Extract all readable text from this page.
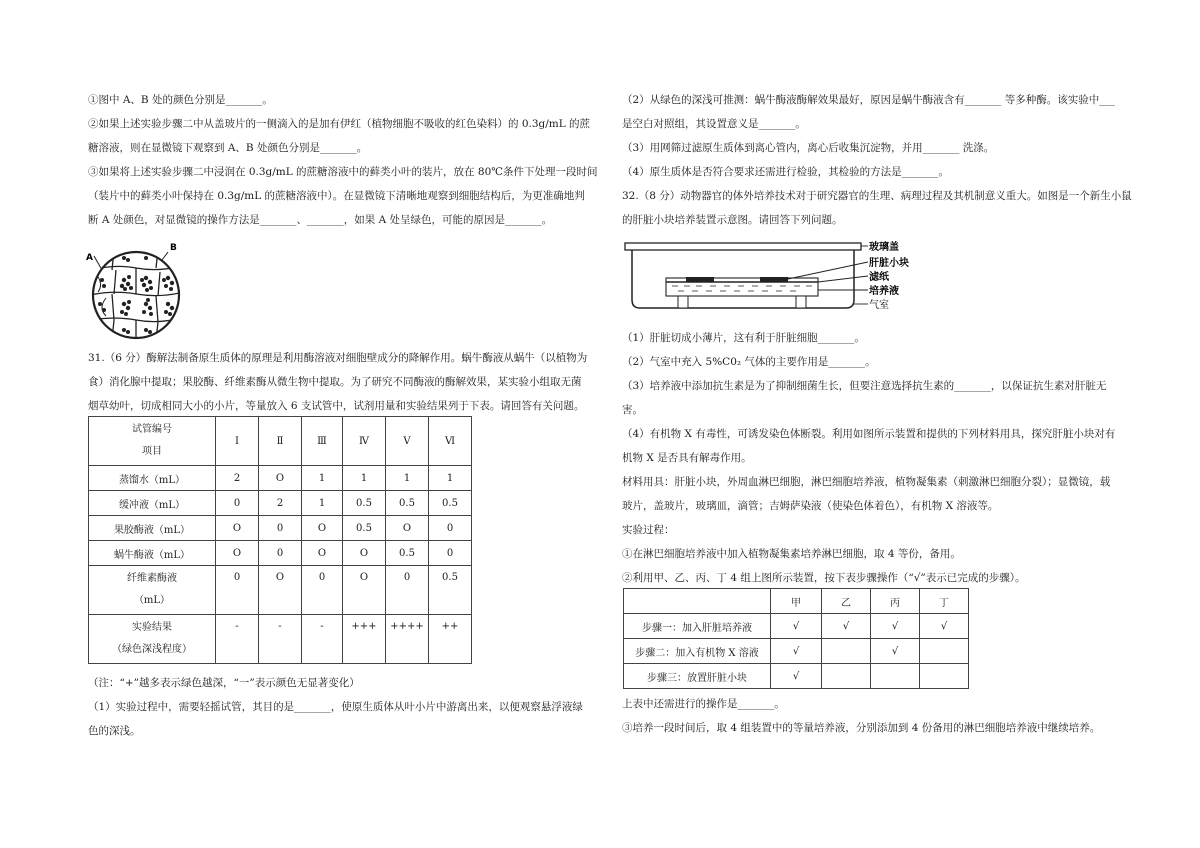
①图中 A、B 处的颜色分别是_______。

②如果上述实验步骤二中从盖玻片的一侧滴入的是加有伊红（植物细胞不吸收的红色染料）的 0.3g/mL 的蔗

糖溶液，则在显微镜下观察到 A、B 处颜色分别是_______。

③如果将上述实验步骤二中浸润在 0.3g/mL 的蔗糖溶液中的藓类小叶的装片，放在 80℃条件下处理一段时间

（装片中的藓类小叶保持在 0.3g/mL 的蔗糖溶液中）。在显微镜下清晰地观察到细胞结构后，为更准确地判

断 A 处颜色，对显微镜的操作方法是_______、_______，如果 A 处呈绿色，可能的原因是_______。

B
A

31.（6 分）酶解法制备原生质体的原理是利用酶溶液对细胞壁成分的降解作用。蜗牛酶液从蜗牛（以植物为

食）消化腺中提取；果胶酶、纤维素酶从微生物中提取。为了研究不同酶液的酶解效果，某实验小组取无菌

烟草幼叶，切成相同大小的小片，等量放入 6 支试管中，试剂用量和实验结果列于下表。请回答有关问题。

试管编号
项目	Ⅰ	Ⅱ	Ⅲ	Ⅳ	Ⅴ	Ⅵ
蒸馏水（mL）	2	O	1	1	1	1
缓冲液（mL）	0	2	1	0.5	0.5	0.5
果胶酶液（mL）	O	0	O	0.5	O	0
蜗牛酶液（mL）	O	0	O	O	0.5	0

纤维素酶液
（mL）	0	O	0	O	0	0.5

实验结果
（绿色深浅程度）	-	-	-	+++	++++	++

（注：“+”越多表示绿色越深，“一”表示颜色无显著变化）

（1）实验过程中，需要轻摇试管，其目的是_______，使原生质体从叶小片中游离出来，以便观察悬浮液绿

色的深浅。

（2）从绿色的深浅可推测：蜗牛酶液酶解效果最好，原因是蜗牛酶液含有_______ 等多种酶。该实验中___

是空白对照组，其设置意义是_______。

（3）用网筛过滤原生质体到离心管内，离心后收集沉淀物，并用_______ 洗涤。

（4）原生质体是否符合要求还需进行检验，其检验的方法是_______。

32.（8 分）动物器官的体外培养技术对于研究器官的生理、病理过程及其机制意义重大。如图是一个新生小鼠

的肝脏小块培养装置示意图。请回答下列问题。

玻璃盖
肝脏小块
滤纸
培养液
气室

（1）肝脏切成小薄片，这有利于肝脏细胞_______。

（2）气室中充入 5%C0₂ 气体的主要作用是_______。

（3）培养液中添加抗生素是为了抑制细菌生长，但要注意选择抗生素的_______，以保证抗生素对肝脏无

害。

（4）有机物 X 有毒性，可诱发染色体断裂。利用如图所示装置和提供的下列材料用具，探究肝脏小块对有

机物 X 是否具有解毒作用。

材料用具：肝脏小块，外周血淋巴细胞，淋巴细胞培养液，植物凝集素（刺激淋巴细胞分裂）；显微镜，载

玻片，盖玻片，玻璃皿，滴管；吉姆萨染液（使染色体着色），有机物 X 溶液等。

实验过程：

①在淋巴细胞培养液中加入植物凝集素培养淋巴细胞，取 4 等份，备用。

②利用甲、乙、丙、丁 4 组上图所示装置，按下表步骤操作（“√”表示已完成的步骤）。

	甲	乙	丙	丁
步骤一：加入肝脏培养液	√	√	√	√
步骤二：加入有机物 X 溶液	√		√	
步骤三：放置肝脏小块	√			

上表中还需进行的操作是_______。

③培养一段时间后，取 4 组装置中的等量培养液，分别添加到 4 份备用的淋巴细胞培养液中继续培养。
